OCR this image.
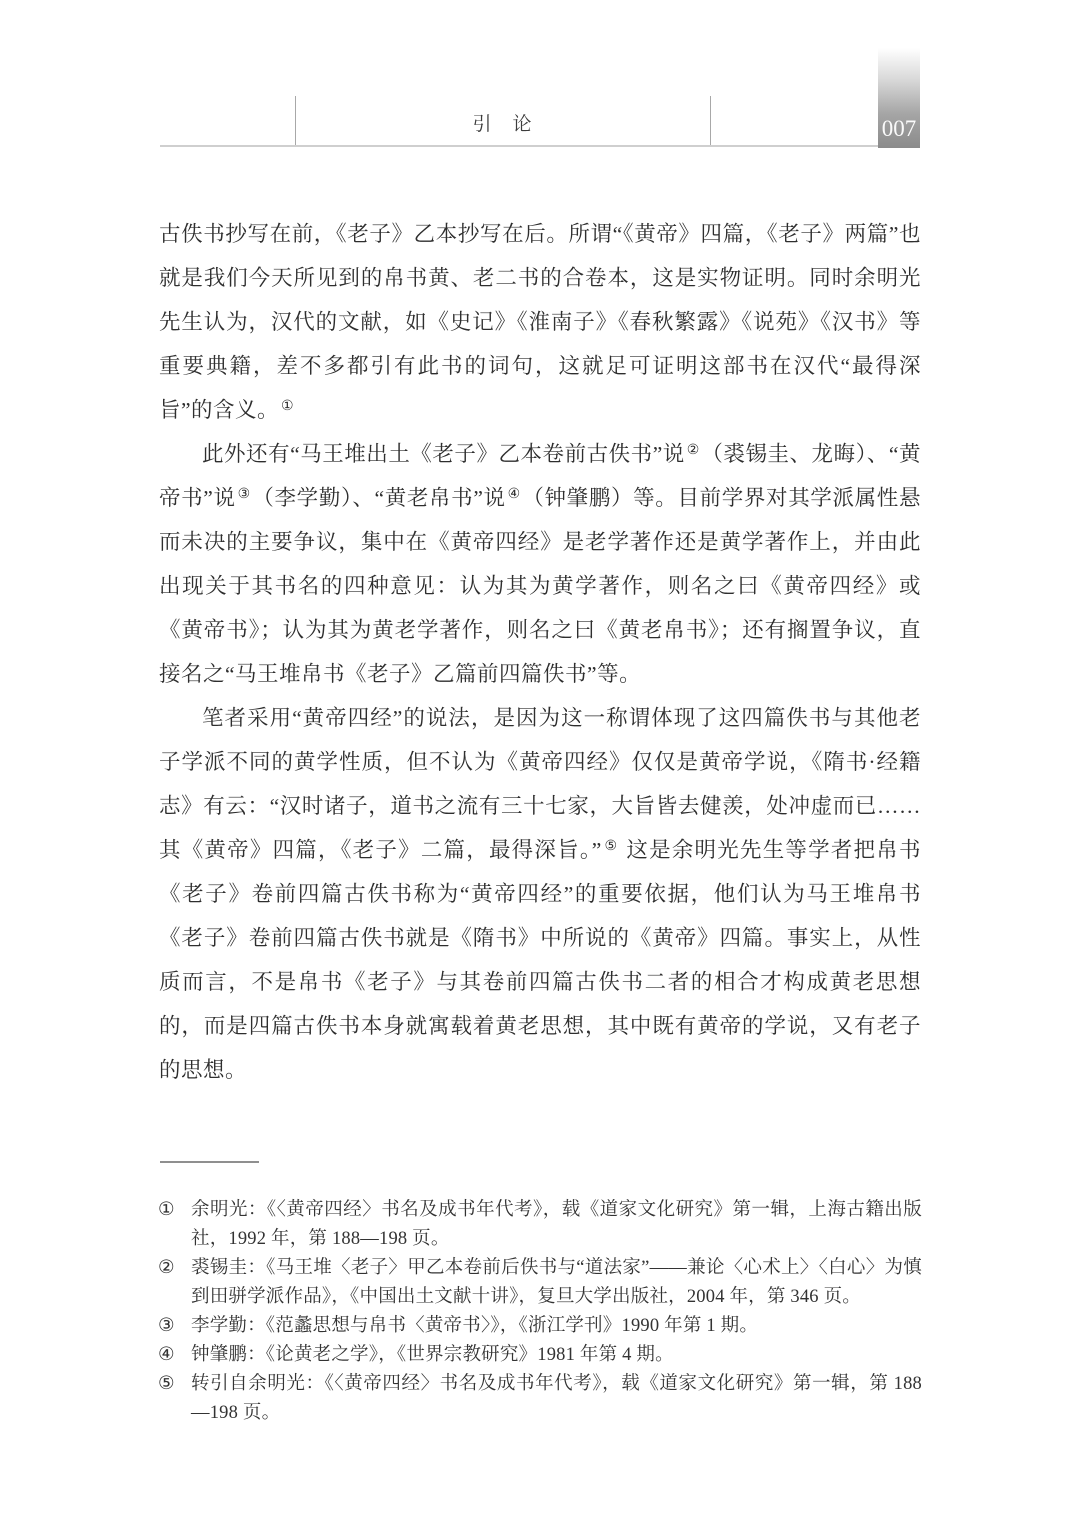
引　论	007

古佚书抄写在前，《老子》乙本抄写在后。所谓“《黄帝》四篇，《老子》两篇”也就是我们今天所见到的帛书黄、老二书的合卷本，这是实物证明。同时余明光先生认为，汉代的文献，如《史记》《淮南子》《春秋繁露》《说苑》《汉书》等重要典籍，差不多都引有此书的词句，这就足可证明这部书在汉代“最得深旨”的含义。 ①

此外还有“马王堆出土《老子》乙本卷前古佚书”说 ②（裘锡圭、龙晦）、“黄帝书”说 ③（李学勤）、“黄老帛书”说 ④（钟肇鹏）等。目前学界对其学派属性悬而未决的主要争议，集中在《黄帝四经》是老学著作还是黄学著作上，并由此出现关于其书名的四种意见：认为其为黄学著作，则名之曰《黄帝四经》或《黄帝书》；认为其为黄老学著作，则名之曰《黄老帛书》；还有搁置争议，直接名之“马王堆帛书《老子》乙篇前四篇佚书”等。

笔者采用“黄帝四经”的说法，是因为这一称谓体现了这四篇佚书与其他老子学派不同的黄学性质，但不认为《黄帝四经》仅仅是黄帝学说，《隋书·经籍志》有云：“汉时诸子，道书之流有三十七家，大旨皆去健羡，处冲虚而已……其《黄帝》四篇，《老子》二篇，最得深旨。” ⑤ 这是余明光先生等学者把帛书《老子》卷前四篇古佚书称为“黄帝四经”的重要依据，他们认为马王堆帛书《老子》卷前四篇古佚书就是《隋书》中所说的《黄帝》四篇。事实上，从性质而言，不是帛书《老子》与其卷前四篇古佚书二者的相合才构成黄老思想的，而是四篇古佚书本身就寓载着黄老思想，其中既有黄帝的学说，又有老子的思想。

① 余明光：《〈黄帝四经〉书名及成书年代考》，载《道家文化研究》第一辑，上海古籍出版社，1992 年，第 188—198 页。
② 裘锡圭：《马王堆〈老子〉甲乙本卷前后佚书与“道法家”——兼论〈心术上〉〈白心〉为慎到田骈学派作品》，《中国出土文献十讲》，复旦大学出版社，2004 年，第 346 页。
③ 李学勤：《范蠡思想与帛书〈黄帝书〉》，《浙江学刊》1990 年第 1 期。
④ 钟肇鹏：《论黄老之学》，《世界宗教研究》1981 年第 4 期。
⑤ 转引自余明光：《〈黄帝四经〉书名及成书年代考》，载《道家文化研究》第一辑，第 188—198 页。
